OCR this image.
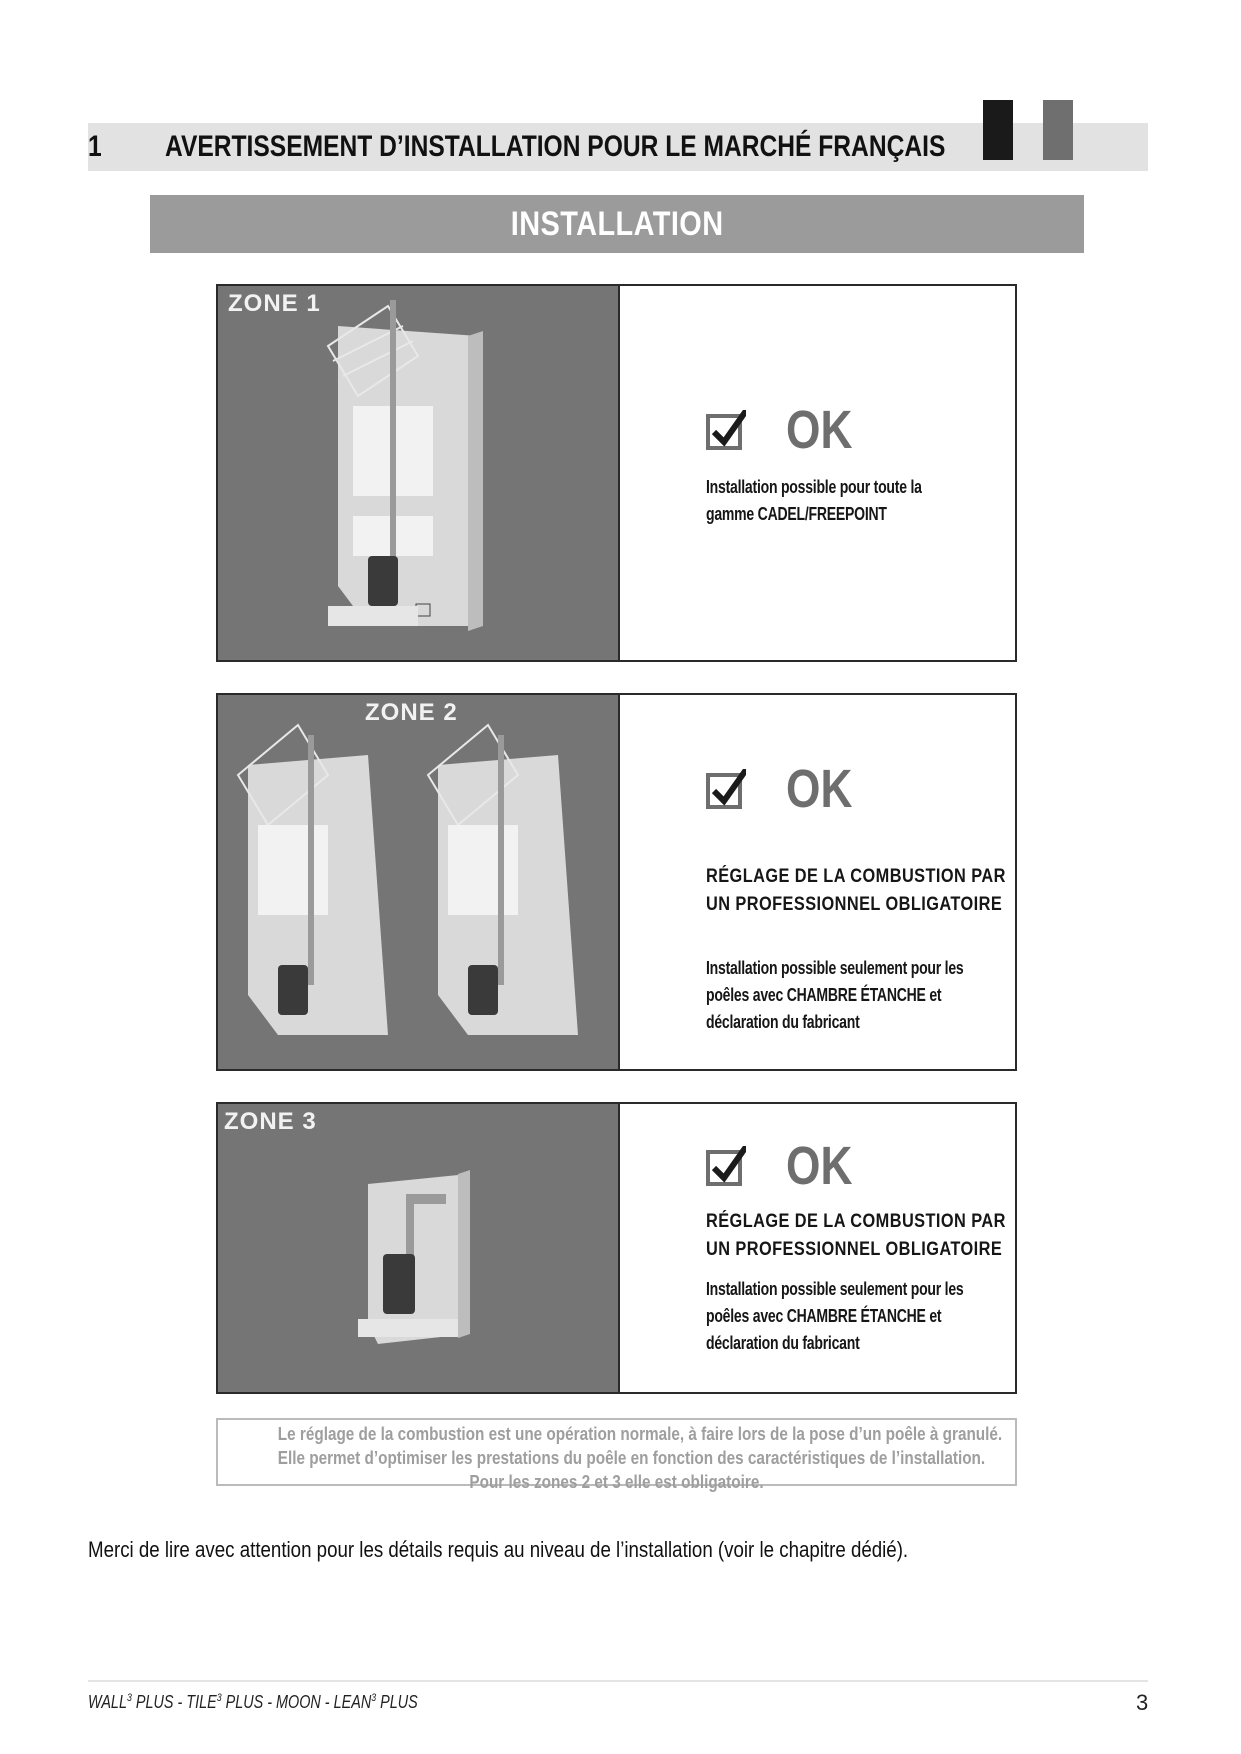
1 AVERTISSEMENT D’INSTALLATION POUR LE MARCHÉ FRANÇAIS
INSTALLATION
ZONE 1
OK
Installation possible pour toute la
gamme CADEL/FREEPOINT
ZONE 2
OK
RÉGLAGE DE LA COMBUSTION PAR
UN PROFESSIONNEL OBLIGATOIRE
Installation possible seulement pour les
poêles avec CHAMBRE ÉTANCHE et
déclaration du fabricant
ZONE 3
OK
RÉGLAGE DE LA COMBUSTION PAR
UN PROFESSIONNEL OBLIGATOIRE
Installation possible seulement pour les
poêles avec CHAMBRE ÉTANCHE et
déclaration du fabricant
Le réglage de la combustion est une opération normale, à faire lors de la pose d’un poêle à granulé.
Elle permet d’optimiser les prestations du poêle en fonction des caractéristiques de l’installation.
Pour les zones 2 et 3 elle est obligatoire.
Merci de lire avec attention pour les détails requis au niveau de l’installation (voir le chapitre dédié).
WALL$^3$ PLUS - TILE$^3$ PLUS - MOON - LEAN$^3$ PLUS	3
